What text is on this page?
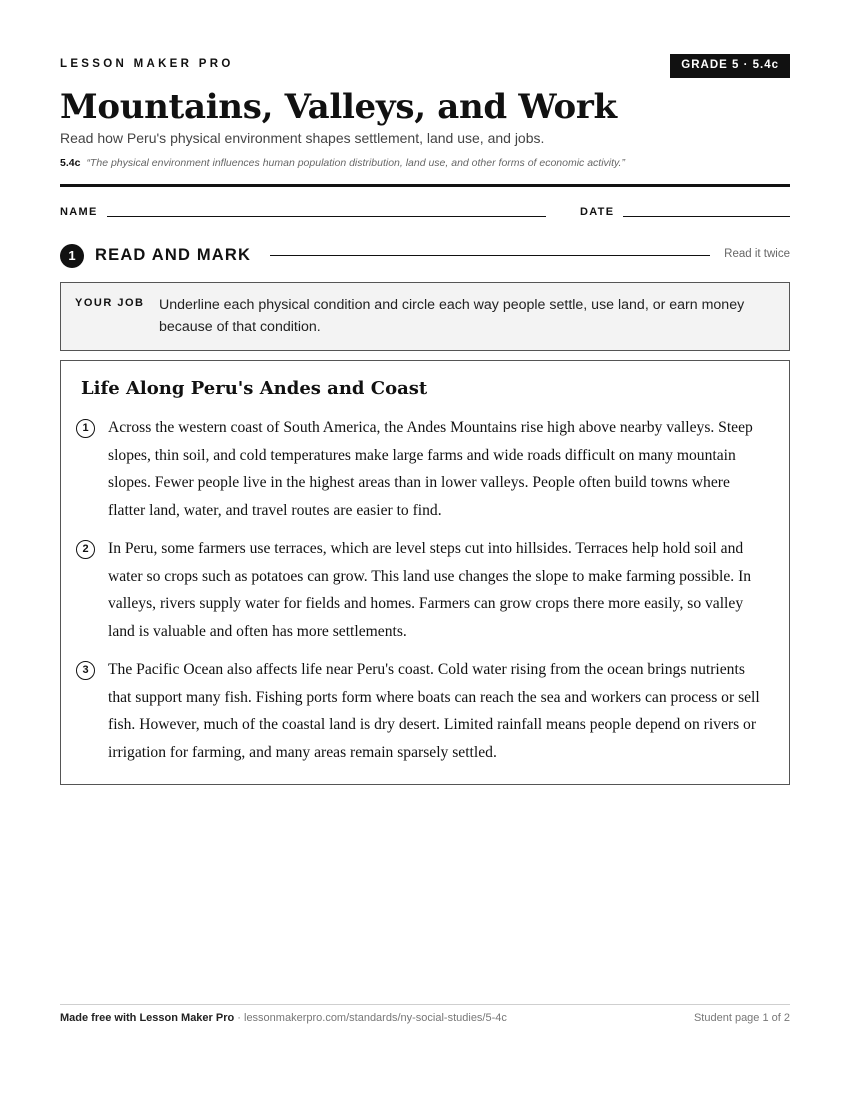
LESSON MAKER PRO	GRADE 5 · 5.4c
Mountains, Valleys, and Work
Read how Peru's physical environment shapes settlement, land use, and jobs.
5.4c “The physical environment influences human population distribution, land use, and other forms of economic activity.”
NAME	DATE
1	READ AND MARK	Read it twice
YOUR JOB Underline each physical condition and circle each way people settle, use land, or earn money because of that condition.
Life Along Peru's Andes and Coast
1	Across the western coast of South America, the Andes Mountains rise high above nearby valleys. Steep slopes, thin soil, and cold temperatures make large farms and wide roads difficult on many mountain slopes. Fewer people live in the highest areas than in lower valleys. People often build towns where flatter land, water, and travel routes are easier to find.

2	In Peru, some farmers use terraces, which are level steps cut into hillsides. Terraces help hold soil and water so crops such as potatoes can grow. This land use changes the slope to make farming possible. In valleys, rivers supply water for fields and homes. Farmers can grow crops there more easily, so valley land is valuable and often has more settlements.

3	The Pacific Ocean also affects life near Peru's coast. Cold water rising from the ocean brings nutrients that support many fish. Fishing ports form where boats can reach the sea and workers can process or sell fish. However, much of the coastal land is dry desert. Limited rainfall means people depend on rivers or irrigation for farming, and many areas remain sparsely settled.

Made free with Lesson Maker Pro · lessonmakerpro.com/standards/ny-social-studies/5-4c	Student page 1 of 2
